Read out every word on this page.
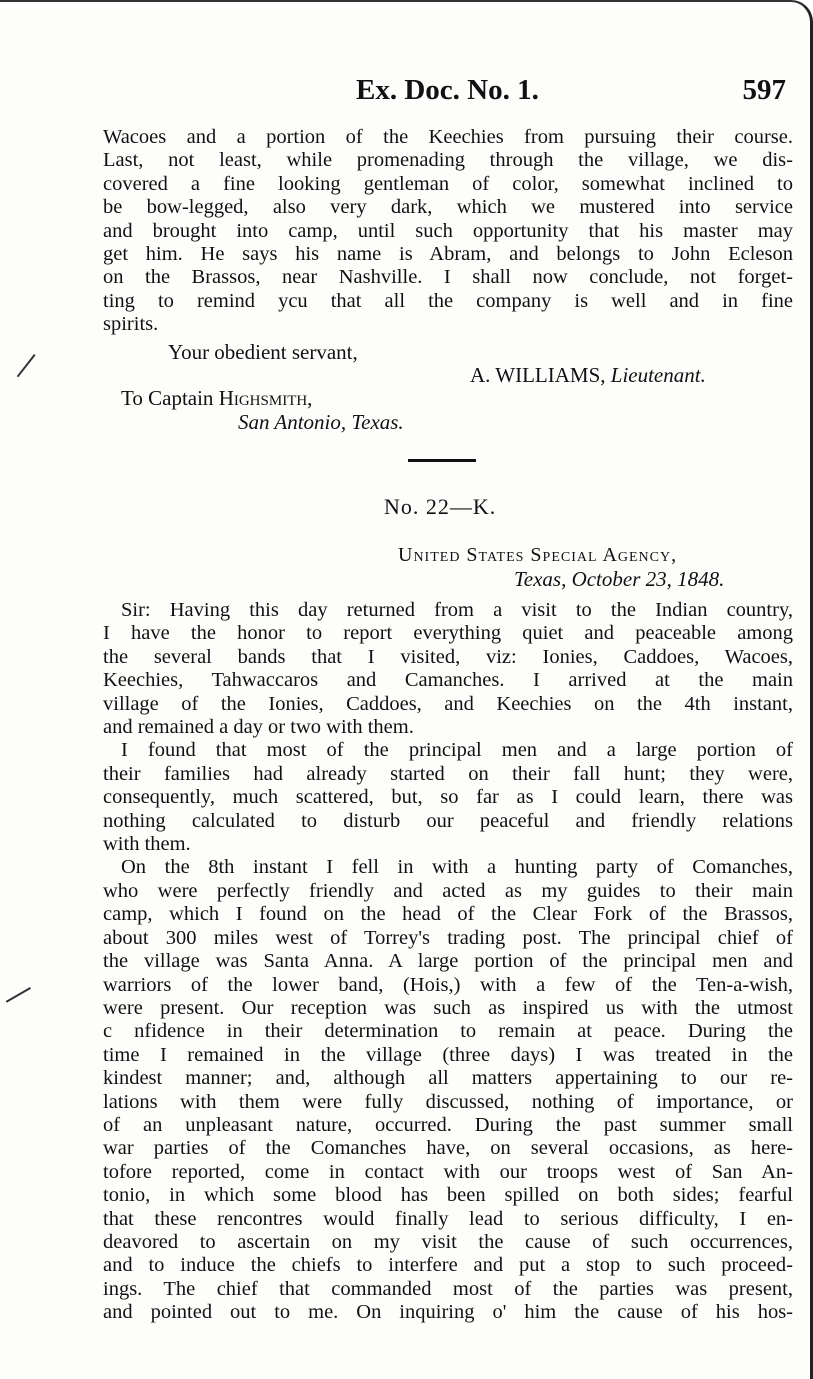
Ex. Doc. No. 1.	597
Wacoes and a portion of the Keechies from pursuing their course.
Last, not least, while promenading through the village, we dis-
covered a fine looking gentleman of color, somewhat inclined to
be bow-legged, also very dark, which we mustered into service
and brought into camp, until such opportunity that his master may
get him. He says his name is Abram, and belongs to John Ecleson
on the Brassos, near Nashville. I shall now conclude, not forget-
ting to remind ycu that all the company is well and in fine
spirits.
Your obedient servant,
A. WILLIAMS, Lieutenant.
To Captain Highsmith,
San Antonio, Texas.
No. 22—K.
United States Special Agency,
Texas, October 23, 1848.
Sir: Having this day returned from a visit to the Indian country,
I have the honor to report everything quiet and peaceable among
the several bands that I visited, viz: Ionies, Caddoes, Wacoes,
Keechies, Tahwaccaros and Camanches. I arrived at the main
village of the Ionies, Caddoes, and Keechies on the 4th instant,
and remained a day or two with them.
I found that most of the principal men and a large portion of
their families had already started on their fall hunt; they were,
consequently, much scattered, but, so far as I could learn, there was
nothing calculated to disturb our peaceful and friendly relations
with them.
On the 8th instant I fell in with a hunting party of Comanches,
who were perfectly friendly and acted as my guides to their main
camp, which I found on the head of the Clear Fork of the Brassos,
about 300 miles west of Torrey's trading post. The principal chief of
the village was Santa Anna. A large portion of the principal men and
warriors of the lower band, (Hois,) with a few of the Ten-a-wish,
were present. Our reception was such as inspired us with the utmost
c nfidence in their determination to remain at peace. During the
time I remained in the village (three days) I was treated in the
kindest manner; and, although all matters appertaining to our re-
lations with them were fully discussed, nothing of importance, or
of an unpleasant nature, occurred. During the past summer small
war parties of the Comanches have, on several occasions, as here-
tofore reported, come in contact with our troops west of San An-
tonio, in which some blood has been spilled on both sides; fearful
that these rencontres would finally lead to serious difficulty, I en-
deavored to ascertain on my visit the cause of such occurrences,
and to induce the chiefs to interfere and put a stop to such proceed-
ings. The chief that commanded most of the parties was present,
and pointed out to me. On inquiring o' him the cause of his hos-
